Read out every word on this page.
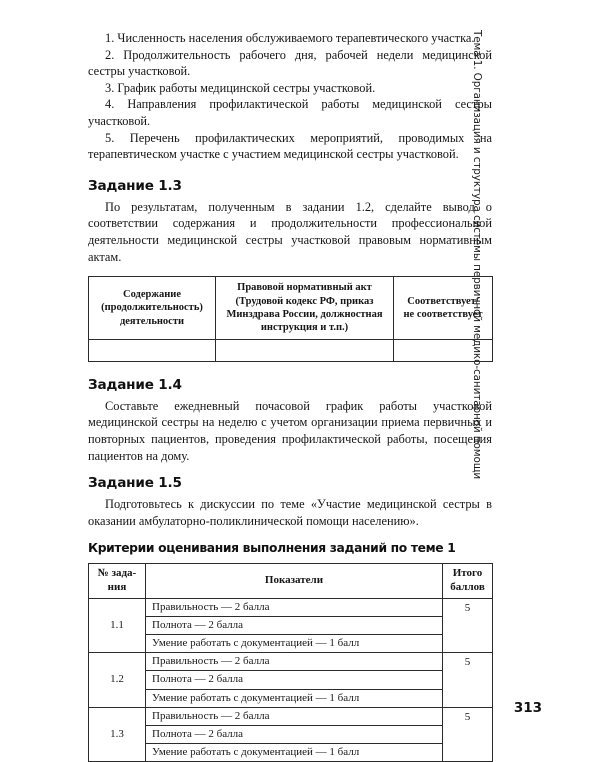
Тема 1. Организация и структура системы первичной медико-санитарной помощи

1. Численность населения обслуживаемого терапевтического участка.

2. Продолжительность рабочего дня, рабочей недели медицинской сестры участковой.

3. График работы медицинской сестры участковой.

4. Направления профилактической работы медицинской сестры участковой.

5. Перечень профилактических мероприятий, проводимых на терапевтическом участке с участием медицинской сестры участковой.

Задание 1.3

По результатам, полученным в задании 1.2, сделайте вывод о соответствии содержания и продолжительности профессиональной деятельности медицинской сестры участковой правовым нормативным актам.

Содержание
(продолжительность)
деятельности	Правовой нормативный акт
(Трудовой кодекс РФ, приказ
Минздрава России, должностная
инструкция и т.п.)	Соответствует/
не соответствует

Задание 1.4

Составьте ежедневный почасовой график работы участковой медицинской сестры на неделю с учетом организации приема первичных и повторных пациентов, проведения профилактической работы, посещения пациентов на дому.

Задание 1.5

Подготовьтесь к дискуссии по теме «Участие медицинской сестры в оказании амбулаторно-поликлинической помощи населению».

Критерии оценивания выполнения заданий по теме 1
№ зада-
ния	Показатели	Итого
баллов
1.1	Правильность — 2 балла	5
	Полнота — 2 балла	
	Умение работать с документацией — 1 балл	
1.2	Правильность — 2 балла	5
	Полнота — 2 балла	
	Умение работать с документацией — 1 балл	
1.3	Правильность — 2 балла	5
	Полнота — 2 балла	
	Умение работать с документацией — 1 балл	
313
